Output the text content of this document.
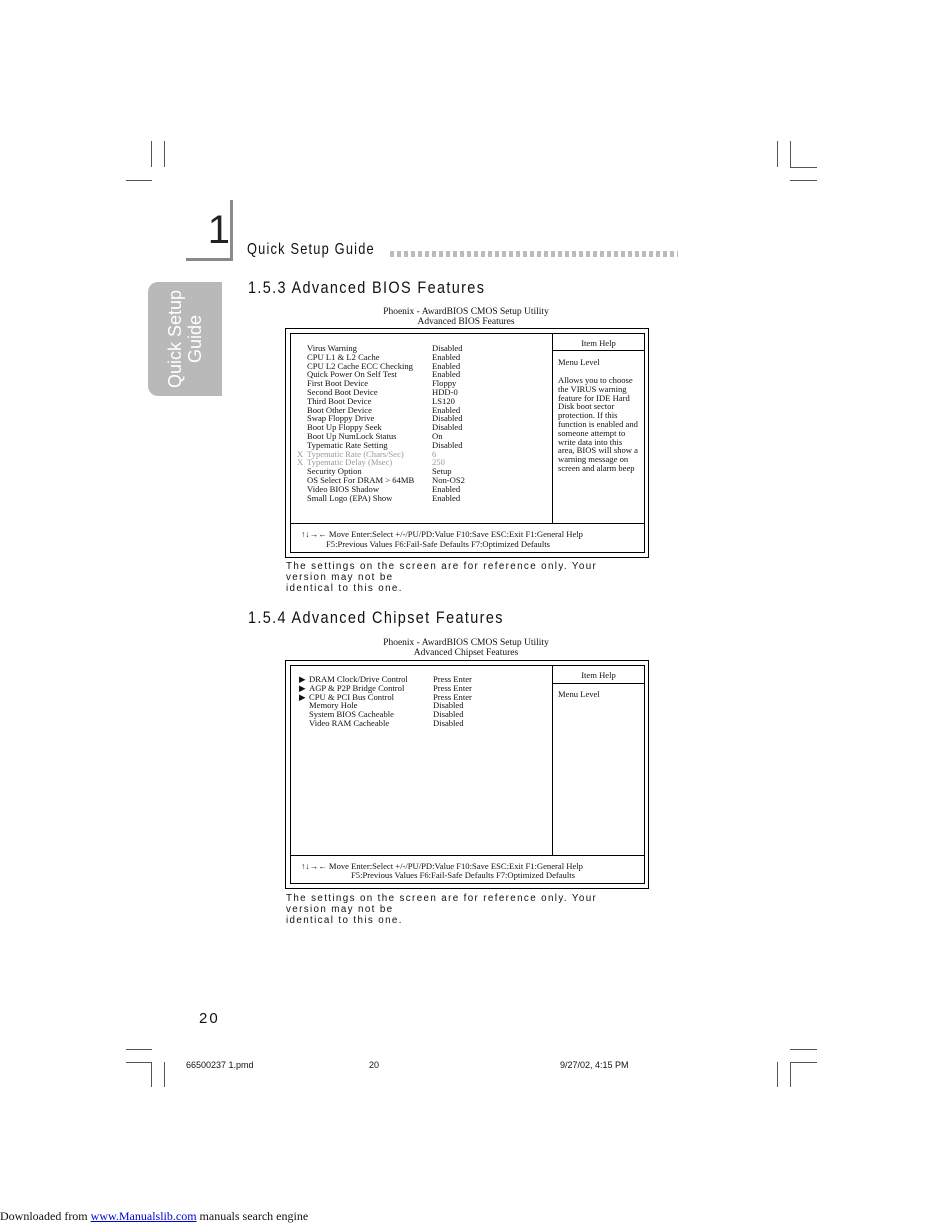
1 Quick Setup Guide
Quick Setup
Guide
1.5.3 Advanced BIOS Features
Phoenix - AwardBIOS CMOS Setup Utility
Advanced BIOS Features
Virus Warning	Disabled
CPU L1 & L2 Cache	Enabled
CPU L2 Cache ECC Checking	Enabled
Quick Power On Self Test	Enabled
First Boot Device	Floppy
Second Boot Device	HDD-0
Third Boot Device	LS120
Boot Other Device	Enabled
Swap Floppy Drive	Disabled
Boot Up Floppy Seek	Disabled
Boot Up NumLock Status	On
Typematic Rate Setting	Disabled
X Typematic Rate (Chars/Sec)	6
X Typematic Delay (Msec)	250
Security Option	Setup
OS Select For DRAM > 64MB	Non-OS2
Video BIOS Shadow	Enabled
Small Logo (EPA) Show	Enabled
Item Help
Menu Level
Allows you to choose
the VIRUS warning
feature for IDE Hard
Disk boot sector
protection. If this
function is enabled and
someone attempt to
write data into this
area, BIOS will show a
warning message on
screen and alarm beep
↑↓→← Move Enter:Select +/-/PU/PD:Value F10:Save ESC:Exit F1:General Help
F5:Previous Values F6:Fail-Safe Defaults F7:Optimized Defaults
The settings on the screen are for reference only. Your version may not be
identical to this one.
1.5.4 Advanced Chipset Features
Phoenix - AwardBIOS CMOS Setup Utility
Advanced Chipset Features
▶ DRAM Clock/Drive Control	Press Enter
▶ AGP & P2P Bridge Control	Press Enter
▶ CPU & PCI Bus Control	Press Enter
Memory Hole	Disabled
System BIOS Cacheable	Disabled
Video RAM Cacheable	Disabled
Item Help
Menu Level
↑↓→← Move Enter:Select +/-/PU/PD:Value F10:Save ESC:Exit F1:General Help
F5:Previous Values F6:Fail-Safe Defaults F7:Optimized Defaults
The settings on the screen are for reference only. Your version may not be
identical to this one.
20
66500237 1.pmd	20	9/27/02, 4:15 PM
Downloaded from www.Manualslib.com manuals search engine
